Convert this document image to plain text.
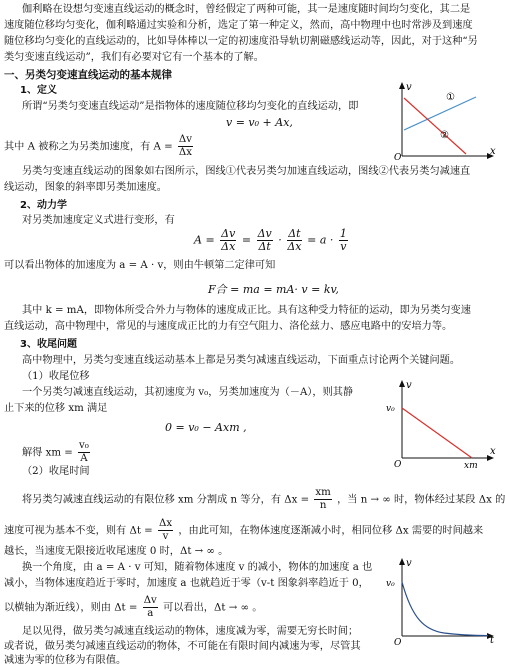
伽利略在设想匀变速直线运动的概念时，曾经假定了两种可能，其一是速度随时间均匀变化，其二是
速度随位移均匀变化，伽利略通过实验和分析，选定了第一种定义，然而，高中物理中也时常涉及到速度
随位移均匀变化的直线运动的，比如导体棒以一定的初速度沿导轨切割磁感线运动等，因此，对于这种“另
类匀变速直线运动”，我们有必要对它有一个基本的了解。
一、另类匀变速直线运动的基本规律
1、定义
所谓“另类匀变速直线运动”是指物体的速度随位移均匀变化的直线运动，即
v = v₀ + Ax,
其中 A 被称之为另类加速度，有 $A = \frac{\Delta v}{\Delta x}$
另类匀变速直线运动的图象如右图所示，图线①代表另类匀加速直线运动，图线②代表另类匀减速直
线运动，图象的斜率即另类加速度。
2、动力学
对另类加速度定义式进行变形，有
$A = \frac{\Delta v}{\Delta x} = \frac{\Delta v}{\Delta t} \cdot \frac{\Delta t}{\Delta x} = a \cdot \frac{1}{v}$
可以看出物体的加速度为 a = A · v，则由牛顿第二定律可知
F合 = ma = mA· v = kv,
其中 k = mA，即物体所受合外力与物体的速度成正比。具有这种受力特征的运动，即为另类匀变速
直线运动，高中物理中，常见的与速度成正比的力有空气阻力、洛伦兹力、感应电路中的安培力等。
3、收尾问题
高中物理中，另类匀变速直线运动基本上都是另类匀减速直线运动，下面重点讨论两个关键问题。
（1）收尾位移
一个另类匀减速直线运动，其初速度为 v₀，另类加速度为（－A），则其静
止下来的位移 xm 满足
0 = v₀ − Axm ,
解得 xm = $\frac{\text{v₀}}{A}$
（2）收尾时间
将另类匀减速直线运动的有限位移 xm 分割成 n 等分，有 $\Delta x = \frac{xm}{n}$ ，当 n → ∞ 时，物体经过某段 Δx 的
速度可视为基本不变，则有 $\Delta t = \frac{\Delta x}{v}$ ，由此可知，在物体速度逐渐减小时，相同位移 Δx 需要的时间越来
越长，当速度无限接近收尾速度 0 时，Δt → ∞ 。
换一个角度，由 a = A · v 可知，随着物体速度 v 的减小，物体的加速度 a 也
减小，当物体速度趋近于零时，加速度 a 也就趋近于零（v-t 图象斜率趋近于 0，
以横轴为渐近线），则由 $\Delta t = \frac{\Delta v}{a}$ 可以看出，Δt → ∞ 。
足以见得，做另类匀减速直线运动的物体，速度减为零，需要无穷长时间；
或者说，做另类匀减速直线运动的物体，不可能在有限时间内减速为零，尽管其
减速为零的位移为有限值。
v
x
O
①
②
v
x
O
v₀
xm
v
t
O
v₀
